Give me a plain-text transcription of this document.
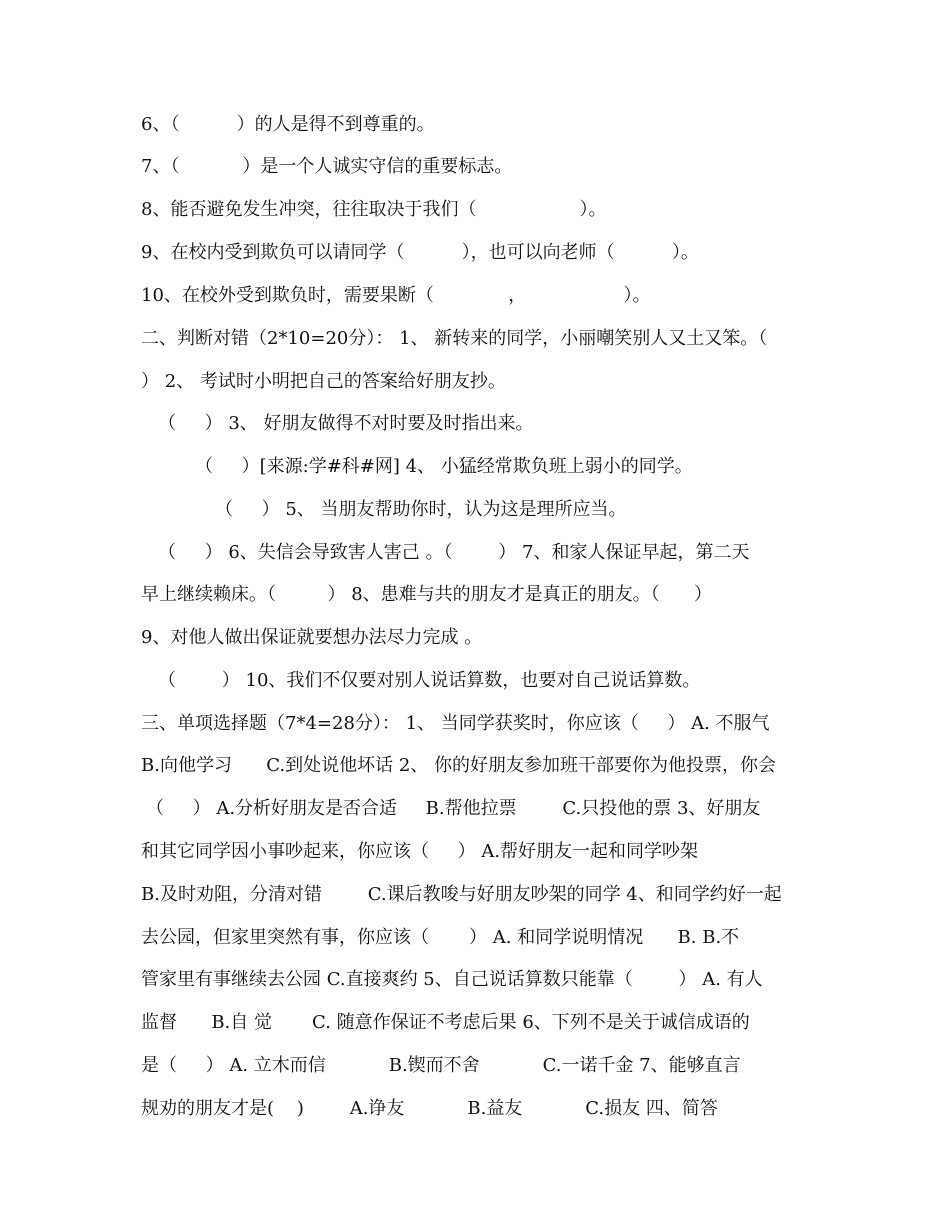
6、（          ）的人是得不到尊重的。
7、（           ）是一个人诚实守信的重要标志。
8、能否避免发生冲突，往往取决于我们（                  ）。
9、在校内受到欺负可以请同学（          ），也可以向老师（          ）。
10、在校外受到欺负时，需要果断（             ，                 ）。
二、判断对错（2*10=20分）： 1、 新转来的同学，小丽嘲笑别人又土又笨。（
） 2、 考试时小明把自己的答案给好朋友抄。
（     ） 3、 好朋友做得不对时要及时指出来。
（     ）[来源:学#科#网] 4、 小猛经常欺负班上弱小的同学。
（     ） 5、 当朋友帮助你时，认为这是理所应当。
（     ） 6、失信会导致害人害己 。（        ） 7、和家人保证早起，第二天
早上继续赖床。（         ） 8、患难与共的朋友才是真正的朋友。（      ）
9、对他人做出保证就要想办法尽力完成 。
（        ） 10、我们不仅要对别人说话算数，也要对自己说话算数。
三、单项选择题（7*4=28分）： 1、 当同学获奖时，你应该（     ） A. 不服气
B.向他学习      C.到处说他坏话 2、 你的好朋友参加班干部要你为他投票，你会
（     ） A.分析好朋友是否合适     B.帮他拉票        C.只投他的票 3、好朋友
和其它同学因小事吵起来，你应该（     ） A.帮好朋友一起和同学吵架
B.及时劝阻，分清对错        C.课后教唆与好朋友吵架的同学 4、和同学约好一起
去公园，但家里突然有事，你应该（       ） A. 和同学说明情况      B. B.不
管家里有事继续去公园 C.直接爽约 5、自己说话算数只能靠（        ） A. 有人
监督      B.自 觉       C. 随意作保证不考虑后果 6、下列不是关于诚信成语的
是（     ） A. 立木而信           B.锲而不舍           C.一诺千金 7、能够直言
规劝的朋友才是(    )        A.诤友           B.益友           C.损友 四、简答
